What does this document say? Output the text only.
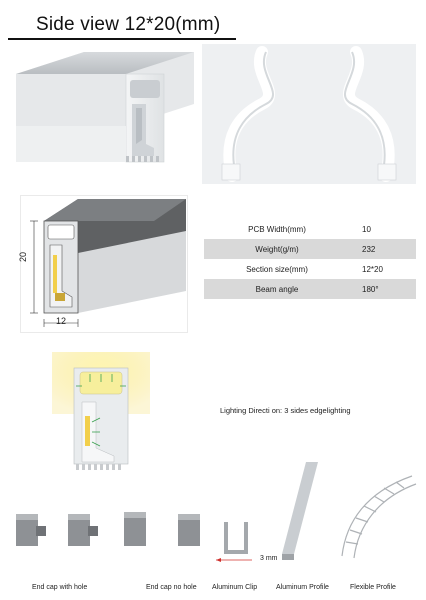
Side view 12*20(mm)
20
12
PCB Width(mm)	10
Weight(g/m)	232
Section size(mm)	12*20
Beam angle	180°
Lighting Directi on: 3 sides edgelighting
3 mm
End cap with hole	End cap no hole Aluminum Clip	Aluminum Profile	Flexible Profile
